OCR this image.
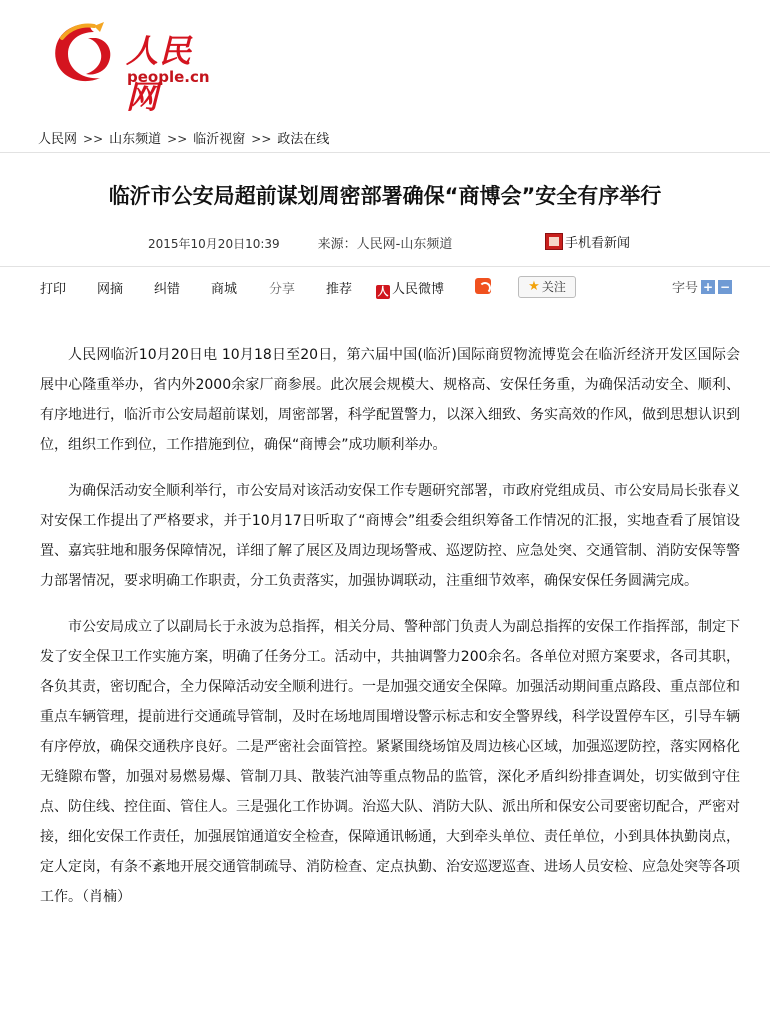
人民网
people.cn
人民网 >> 山东频道 >> 临沂视窗 >> 政法在线
临沂市公安局超前谋划周密部署确保“商博会”安全有序举行
2015年10月20日10:39	来源：人民网-山东频道	手机看新闻
打印 网摘 纠错 商城 分享 推荐 人 人民微博	★ 关注	字号 + −

人民网临沂10月20日电 10月18日至20日，第六届中国(临沂)国际商贸物流博览会在临沂经济开发区国际会展中心隆重举办，省内外2000余家厂商参展。此次展会规模大、规格高、安保任务重，为确保活动安全、顺利、有序地进行，临沂市公安局超前谋划，周密部署，科学配置警力，以深入细致、务实高效的作风，做到思想认识到位，组织工作到位，工作措施到位，确保“商博会”成功顺利举办。

为确保活动安全顺利举行，市公安局对该活动安保工作专题研究部署，市政府党组成员、市公安局局长张春义对安保工作提出了严格要求，并于10月17日听取了“商博会”组委会组织筹备工作情况的汇报，实地查看了展馆设置、嘉宾驻地和服务保障情况，详细了解了展区及周边现场警戒、巡逻防控、应急处突、交通管制、消防安保等警力部署情况，要求明确工作职责，分工负责落实，加强协调联动，注重细节效率，确保安保任务圆满完成。

市公安局成立了以副局长于永波为总指挥，相关分局、警种部门负责人为副总指挥的安保工作指挥部，制定下发了安全保卫工作实施方案，明确了任务分工。活动中，共抽调警力200余名。各单位对照方案要求，各司其职，各负其责，密切配合，全力保障活动安全顺利进行。一是加强交通安全保障。加强活动期间重点路段、重点部位和重点车辆管理，提前进行交通疏导管制，及时在场地周围增设警示标志和安全警界线，科学设置停车区，引导车辆有序停放，确保交通秩序良好。二是严密社会面管控。紧紧围绕场馆及周边核心区域，加强巡逻防控，落实网格化无缝隙布警，加强对易燃易爆、管制刀具、散装汽油等重点物品的监管，深化矛盾纠纷排查调处，切实做到守住点、防住线、控住面、管住人。三是强化工作协调。治巡大队、消防大队、派出所和保安公司要密切配合，严密对接，细化安保工作责任，加强展馆通道安全检查，保障通讯畅通，大到牵头单位、责任单位，小到具体执勤岗点，定人定岗，有条不紊地开展交通管制疏导、消防检查、定点执勤、治安巡逻巡查、进场人员安检、应急处突等各项工作。（肖楠）
